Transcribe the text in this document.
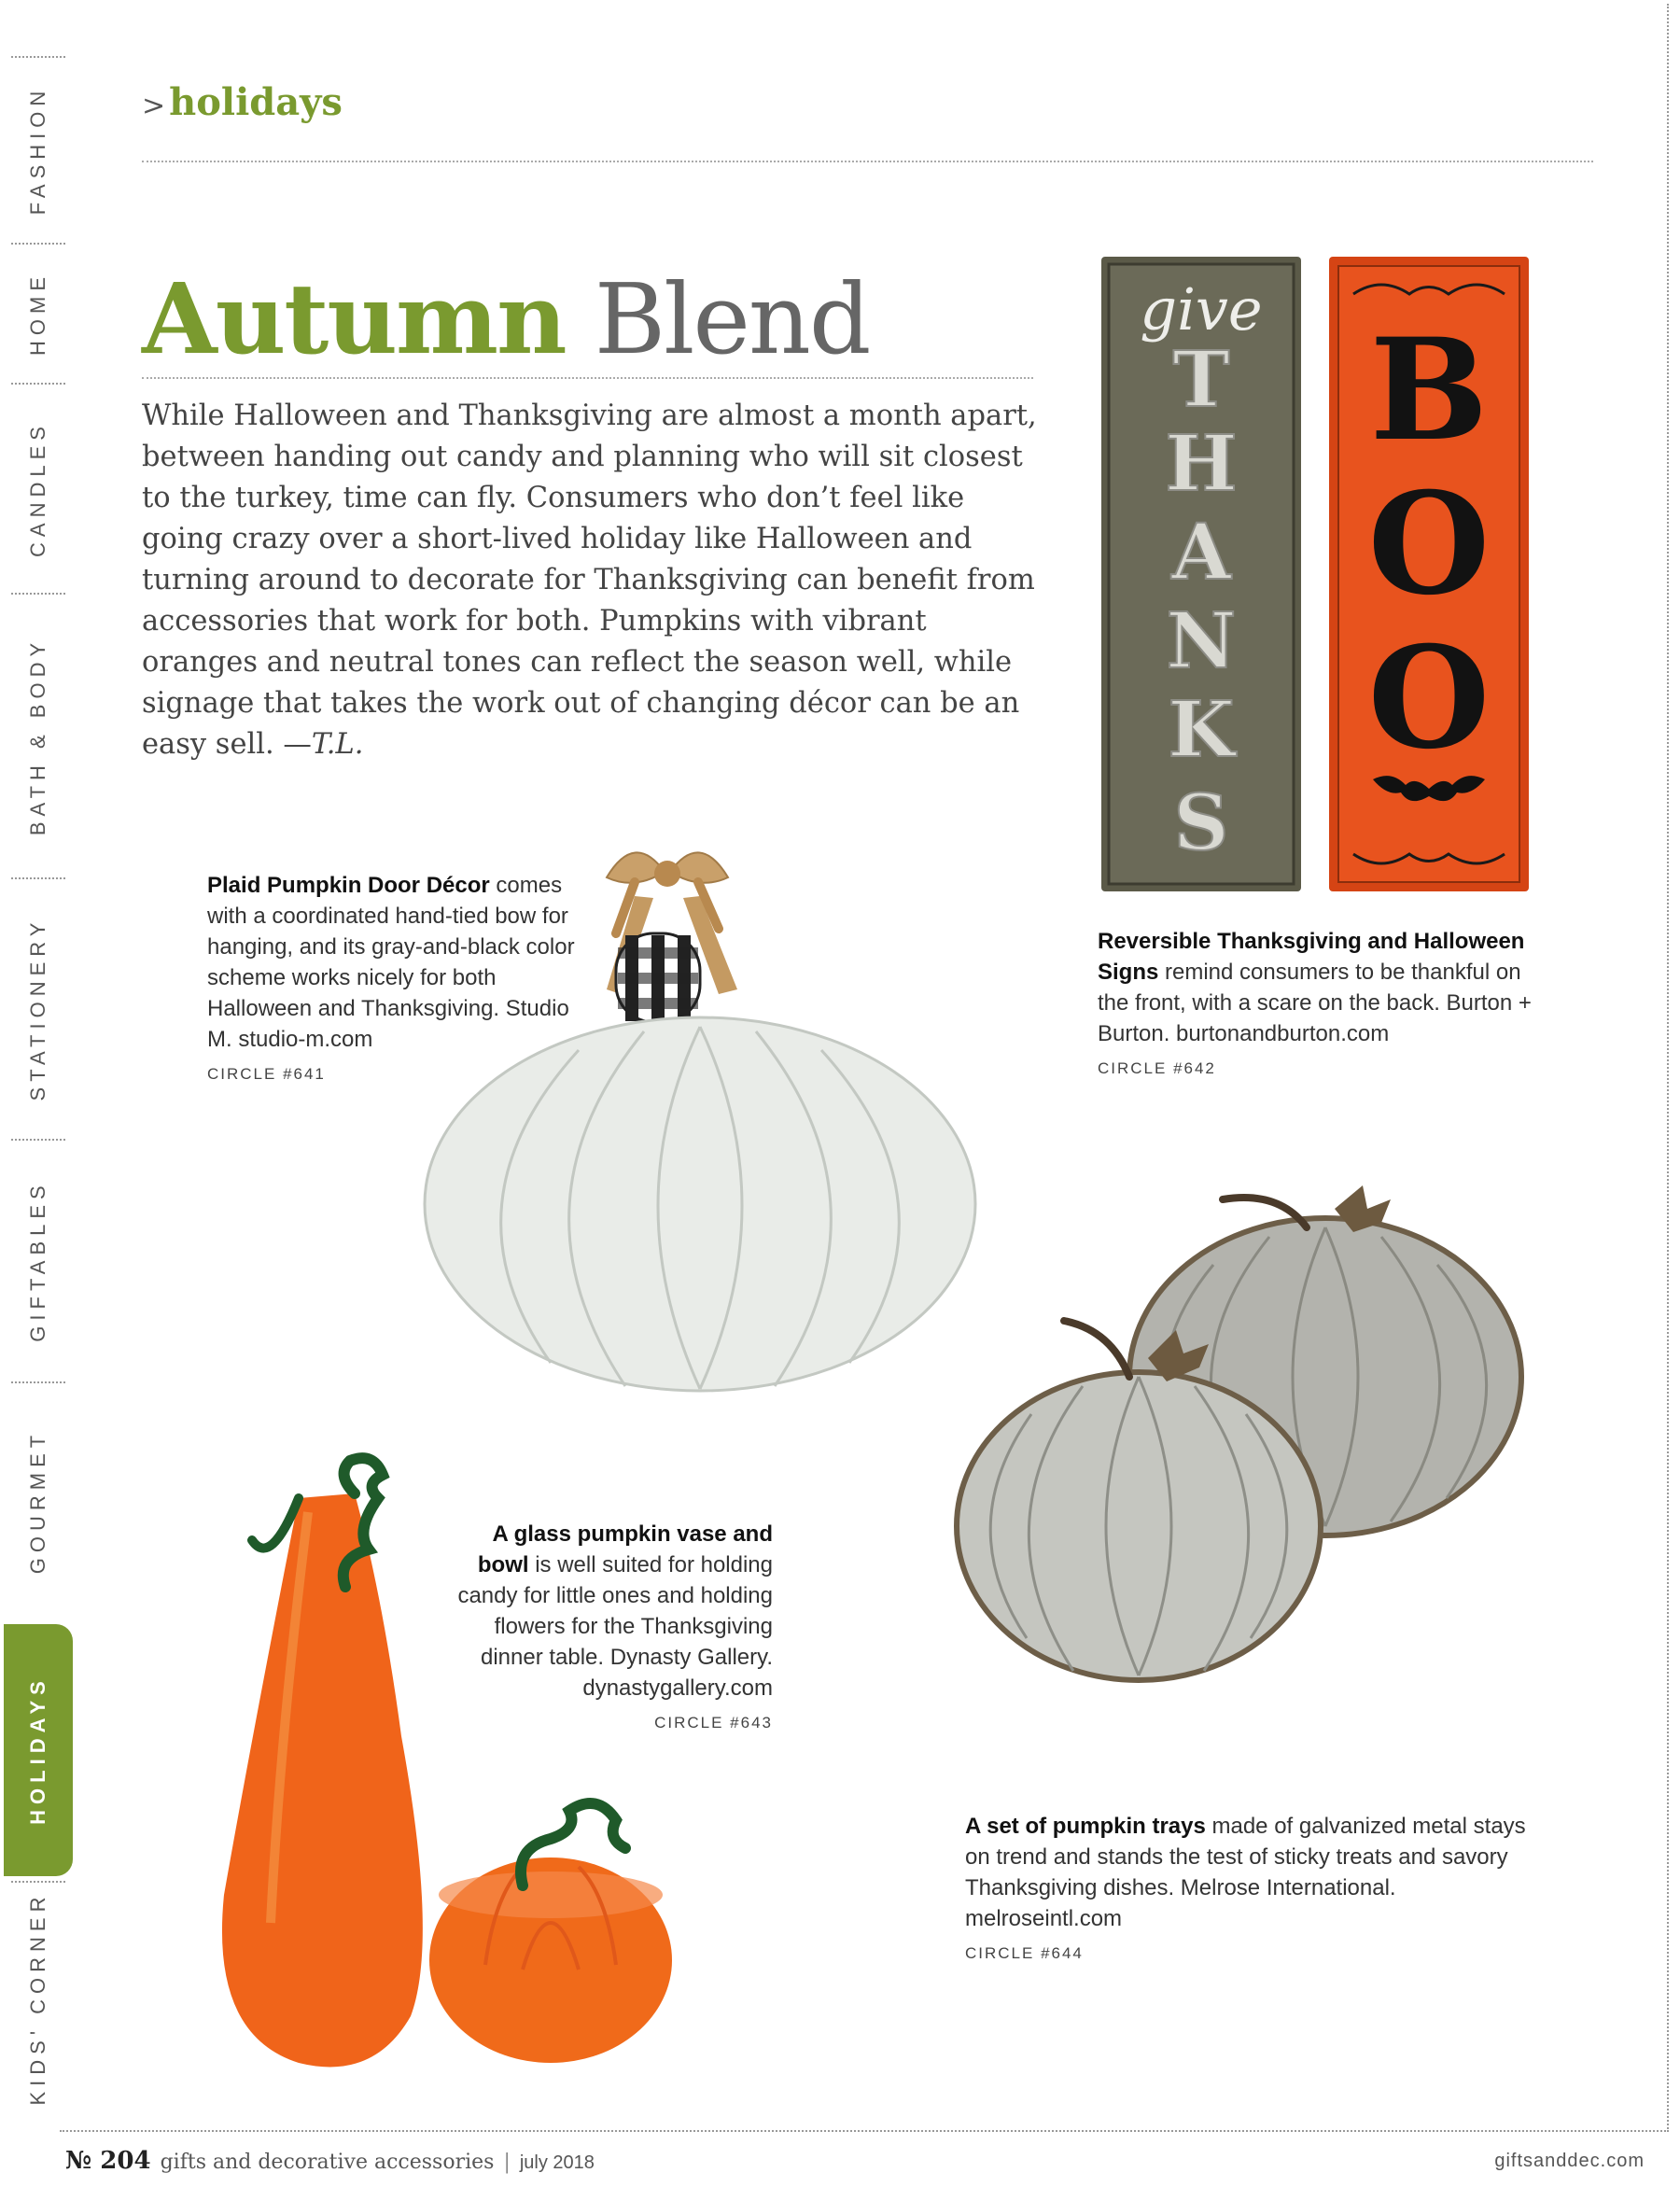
FASHION
HOME
CANDLES
BATH & BODY
STATIONERY
GIFTABLES
GOURMET
HOLIDAYS
KIDS' CORNER
> holidays
Autumn Blend
While Halloween and Thanksgiving are almost a month apart, between handing out candy and planning who will sit closest to the turkey, time can fly. Consumers who don’t feel like going crazy over a short-lived holiday like Halloween and turning around to decorate for Thanksgiving can benefit from accessories that work for both. Pumpkins with vibrant oranges and neutral tones can reflect the season well, while signage that takes the work out of changing décor can be an easy sell. —T.L.
give
T
H
A
N
K
S
B
O
O
Plaid Pumpkin Door Décor comes with a coordinated hand-tied bow for hanging, and its gray-and-black color scheme works nicely for both Halloween and Thanksgiving. Studio M. studio-m.com
CIRCLE #641
Reversible Thanksgiving and Halloween Signs remind consumers to be thankful on the front, with a scare on the back. Burton + Burton. burtonandburton.com
CIRCLE #642
A glass pumpkin vase and bowl is well suited for holding candy for little ones and holding flowers for the Thanksgiving dinner table. Dynasty Gallery. dynastygallery.com
CIRCLE #643
A set of pumpkin trays made of galvanized metal stays on trend and stands the test of sticky treats and savory Thanksgiving dishes. Melrose International. melroseintl.com
CIRCLE #644
№ 204 gifts and decorative accessories | july 2018	giftsanddec.com
